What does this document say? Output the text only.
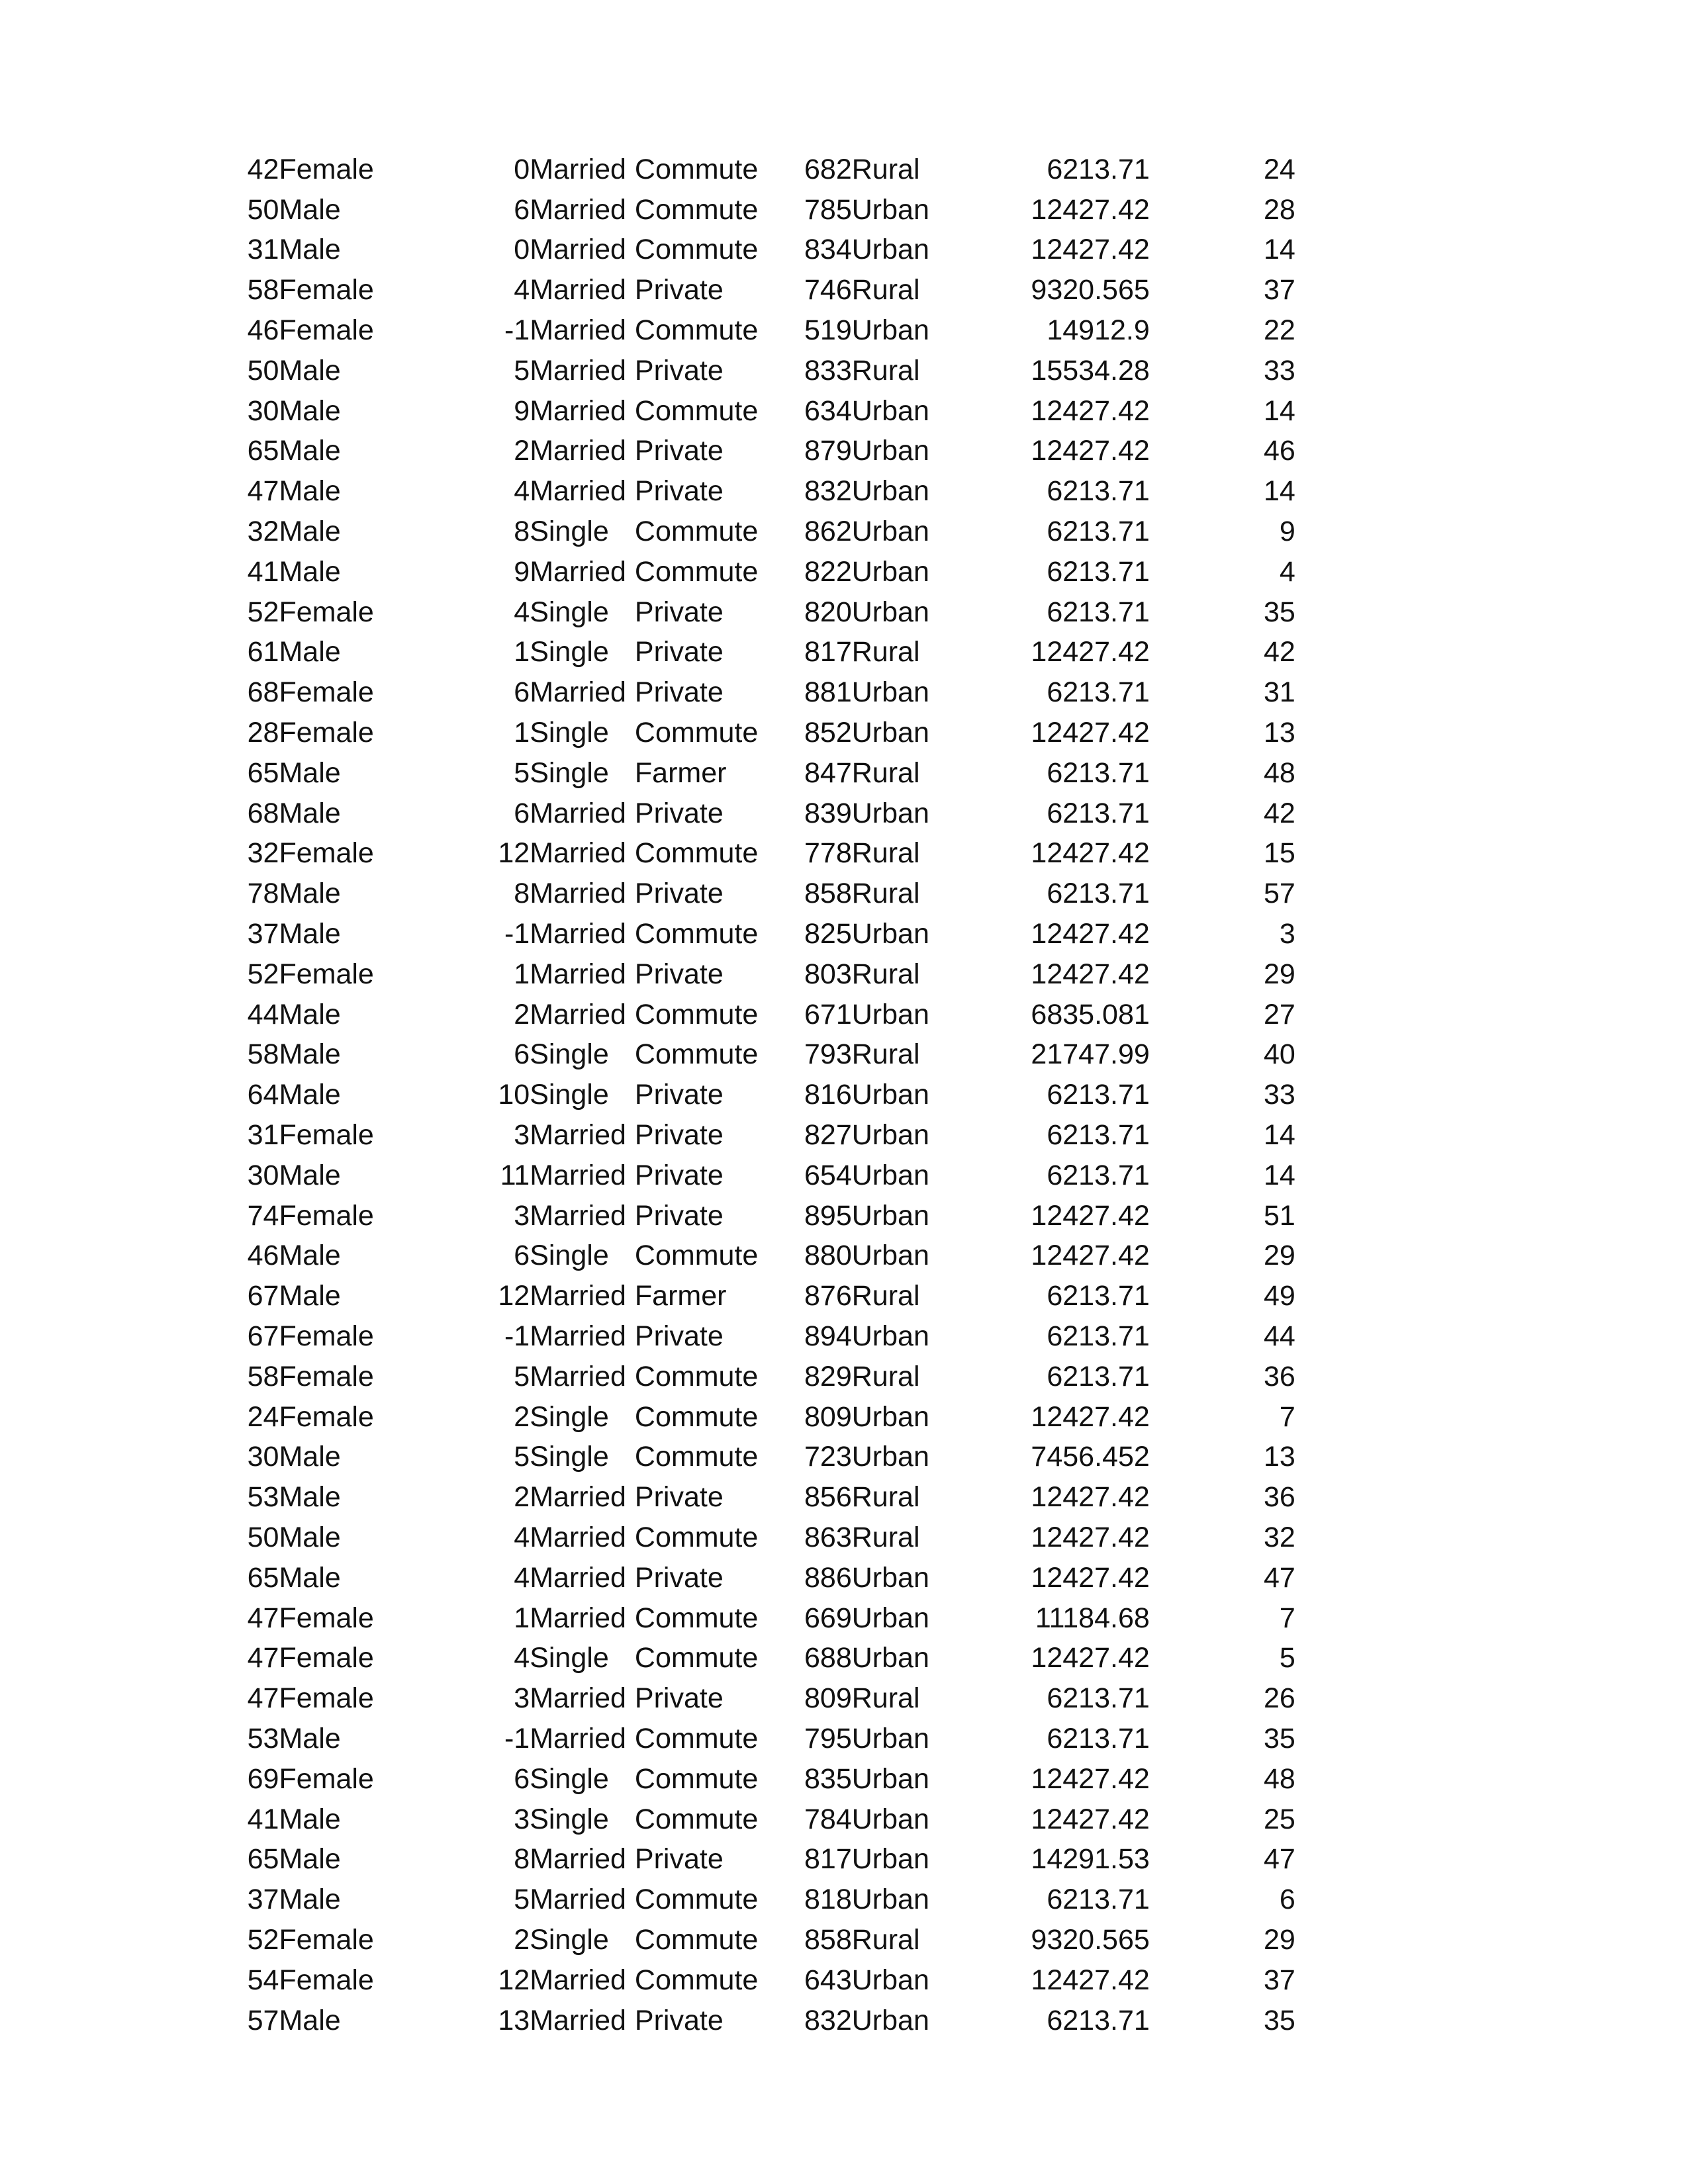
42	Female	0	Married	Commute	682	Rural	6213.71	24
50	Male	6	Married	Commute	785	Urban	12427.42	28
31	Male	0	Married	Commute	834	Urban	12427.42	14
58	Female	4	Married	Private	746	Rural	9320.565	37
46	Female	-1	Married	Commute	519	Urban	14912.9	22
50	Male	5	Married	Private	833	Rural	15534.28	33
30	Male	9	Married	Commute	634	Urban	12427.42	14
65	Male	2	Married	Private	879	Urban	12427.42	46
47	Male	4	Married	Private	832	Urban	6213.71	14
32	Male	8	Single	Commute	862	Urban	6213.71	9
41	Male	9	Married	Commute	822	Urban	6213.71	4
52	Female	4	Single	Private	820	Urban	6213.71	35
61	Male	1	Single	Private	817	Rural	12427.42	42
68	Female	6	Married	Private	881	Urban	6213.71	31
28	Female	1	Single	Commute	852	Urban	12427.42	13
65	Male	5	Single	Farmer	847	Rural	6213.71	48
68	Male	6	Married	Private	839	Urban	6213.71	42
32	Female	12	Married	Commute	778	Rural	12427.42	15
78	Male	8	Married	Private	858	Rural	6213.71	57
37	Male	-1	Married	Commute	825	Urban	12427.42	3
52	Female	1	Married	Private	803	Rural	12427.42	29
44	Male	2	Married	Commute	671	Urban	6835.081	27
58	Male	6	Single	Commute	793	Rural	21747.99	40
64	Male	10	Single	Private	816	Urban	6213.71	33
31	Female	3	Married	Private	827	Urban	6213.71	14
30	Male	11	Married	Private	654	Urban	6213.71	14
74	Female	3	Married	Private	895	Urban	12427.42	51
46	Male	6	Single	Commute	880	Urban	12427.42	29
67	Male	12	Married	Farmer	876	Rural	6213.71	49
67	Female	-1	Married	Private	894	Urban	6213.71	44
58	Female	5	Married	Commute	829	Rural	6213.71	36
24	Female	2	Single	Commute	809	Urban	12427.42	7
30	Male	5	Single	Commute	723	Urban	7456.452	13
53	Male	2	Married	Private	856	Rural	12427.42	36
50	Male	4	Married	Commute	863	Rural	12427.42	32
65	Male	4	Married	Private	886	Urban	12427.42	47
47	Female	1	Married	Commute	669	Urban	11184.68	7
47	Female	4	Single	Commute	688	Urban	12427.42	5
47	Female	3	Married	Private	809	Rural	6213.71	26
53	Male	-1	Married	Commute	795	Urban	6213.71	35
69	Female	6	Single	Commute	835	Urban	12427.42	48
41	Male	3	Single	Commute	784	Urban	12427.42	25
65	Male	8	Married	Private	817	Urban	14291.53	47
37	Male	5	Married	Commute	818	Urban	6213.71	6
52	Female	2	Single	Commute	858	Rural	9320.565	29
54	Female	12	Married	Commute	643	Urban	12427.42	37
57	Male	13	Married	Private	832	Urban	6213.71	35
